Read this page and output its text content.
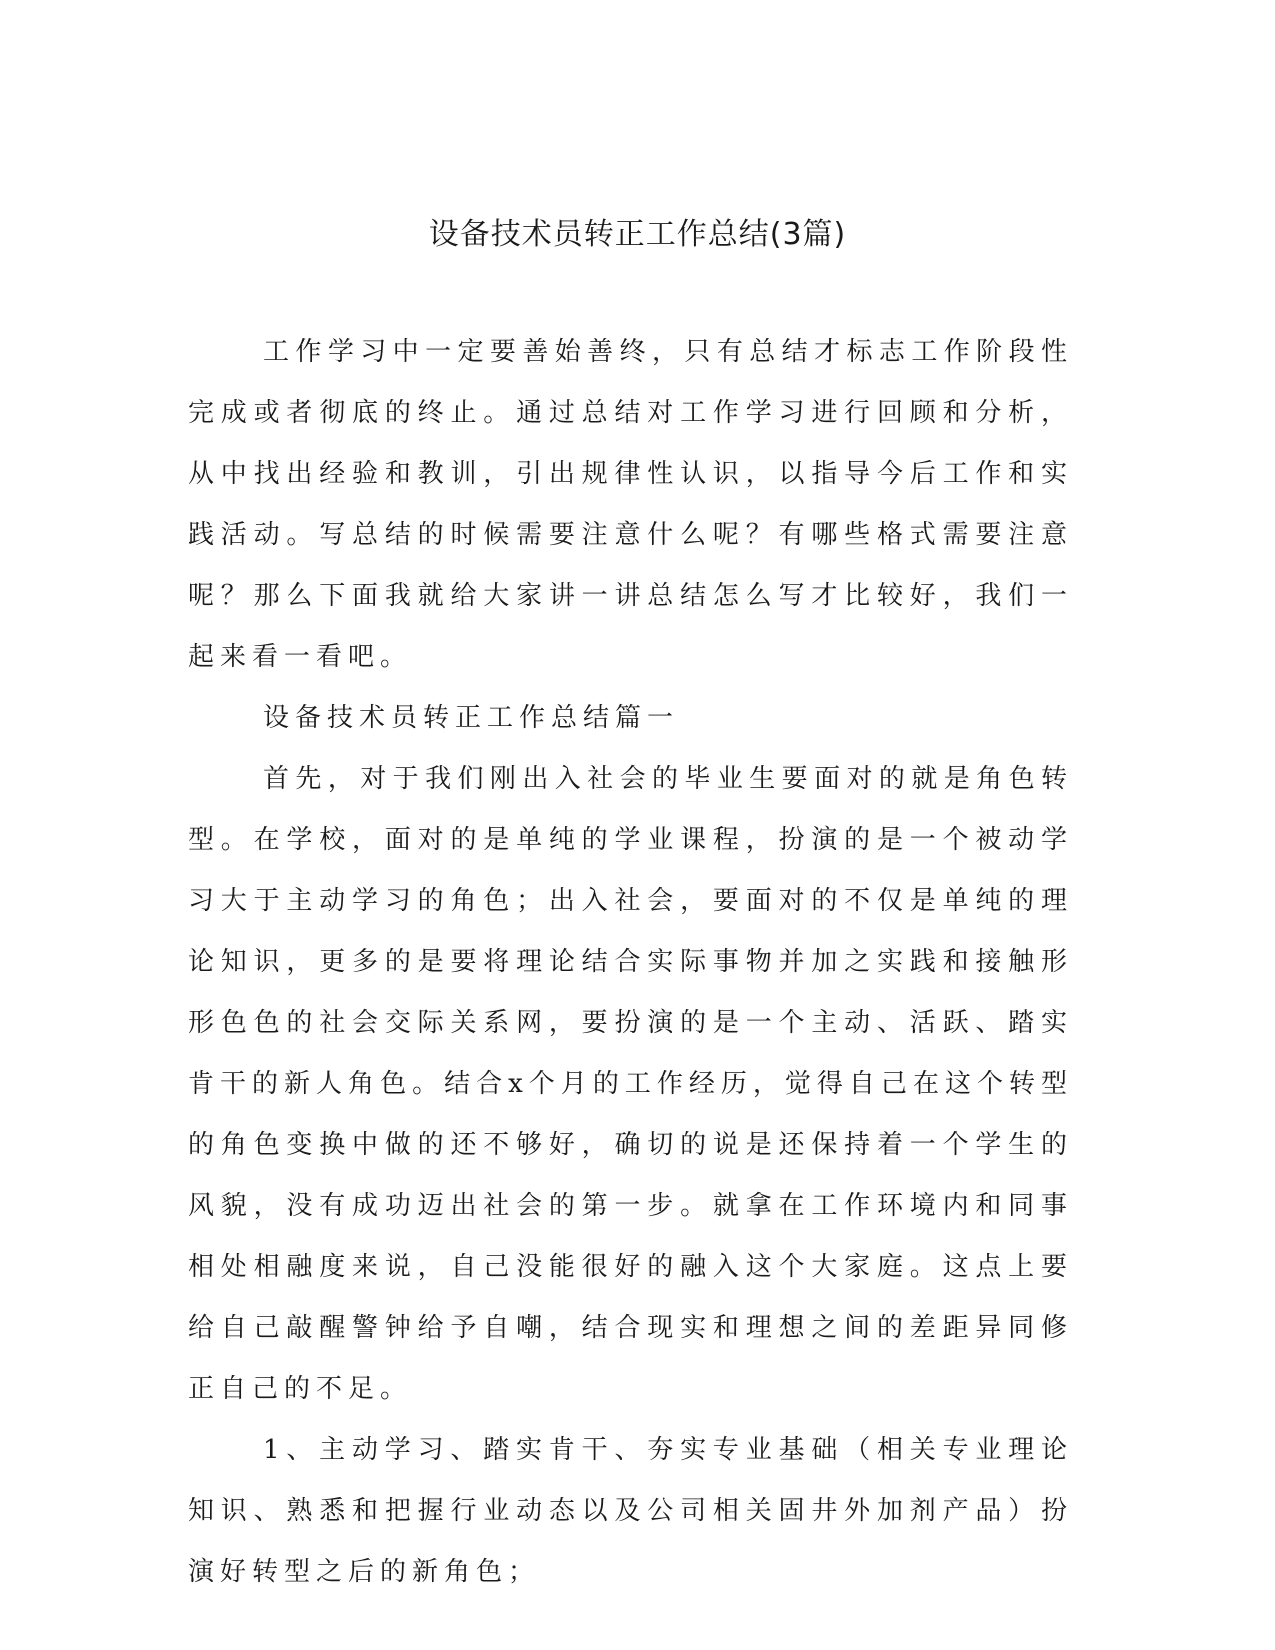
设备技术员转正工作总结(3篇)

工作学习中一定要善始善终，只有总结才标志工作阶段性完成或者彻底的终止。通过总结对工作学习进行回顾和分析，从中找出经验和教训，引出规律性认识，以指导今后工作和实践活动。写总结的时候需要注意什么呢？有哪些格式需要注意呢？那么下面我就给大家讲一讲总结怎么写才比较好，我们一起来看一看吧。

设备技术员转正工作总结篇一

首先，对于我们刚出入社会的毕业生要面对的就是角色转型。在学校，面对的是单纯的学业课程，扮演的是一个被动学习大于主动学习的角色；出入社会，要面对的不仅是单纯的理论知识，更多的是要将理论结合实际事物并加之实践和接触形形色色的社会交际关系网，要扮演的是一个主动、活跃、踏实肯干的新人角色。结合x个月的工作经历，觉得自己在这个转型的角色变换中做的还不够好，确切的说是还保持着一个学生的风貌，没有成功迈出社会的第一步。就拿在工作环境内和同事相处相融度来说，自己没能很好的融入这个大家庭。这点上要给自己敲醒警钟给予自嘲，结合现实和理想之间的差距异同修正自己的不足。

1、主动学习、踏实肯干、夯实专业基础（相关专业理论知识、熟悉和把握行业动态以及公司相关固井外加剂产品）扮演好转型之后的新角色；
